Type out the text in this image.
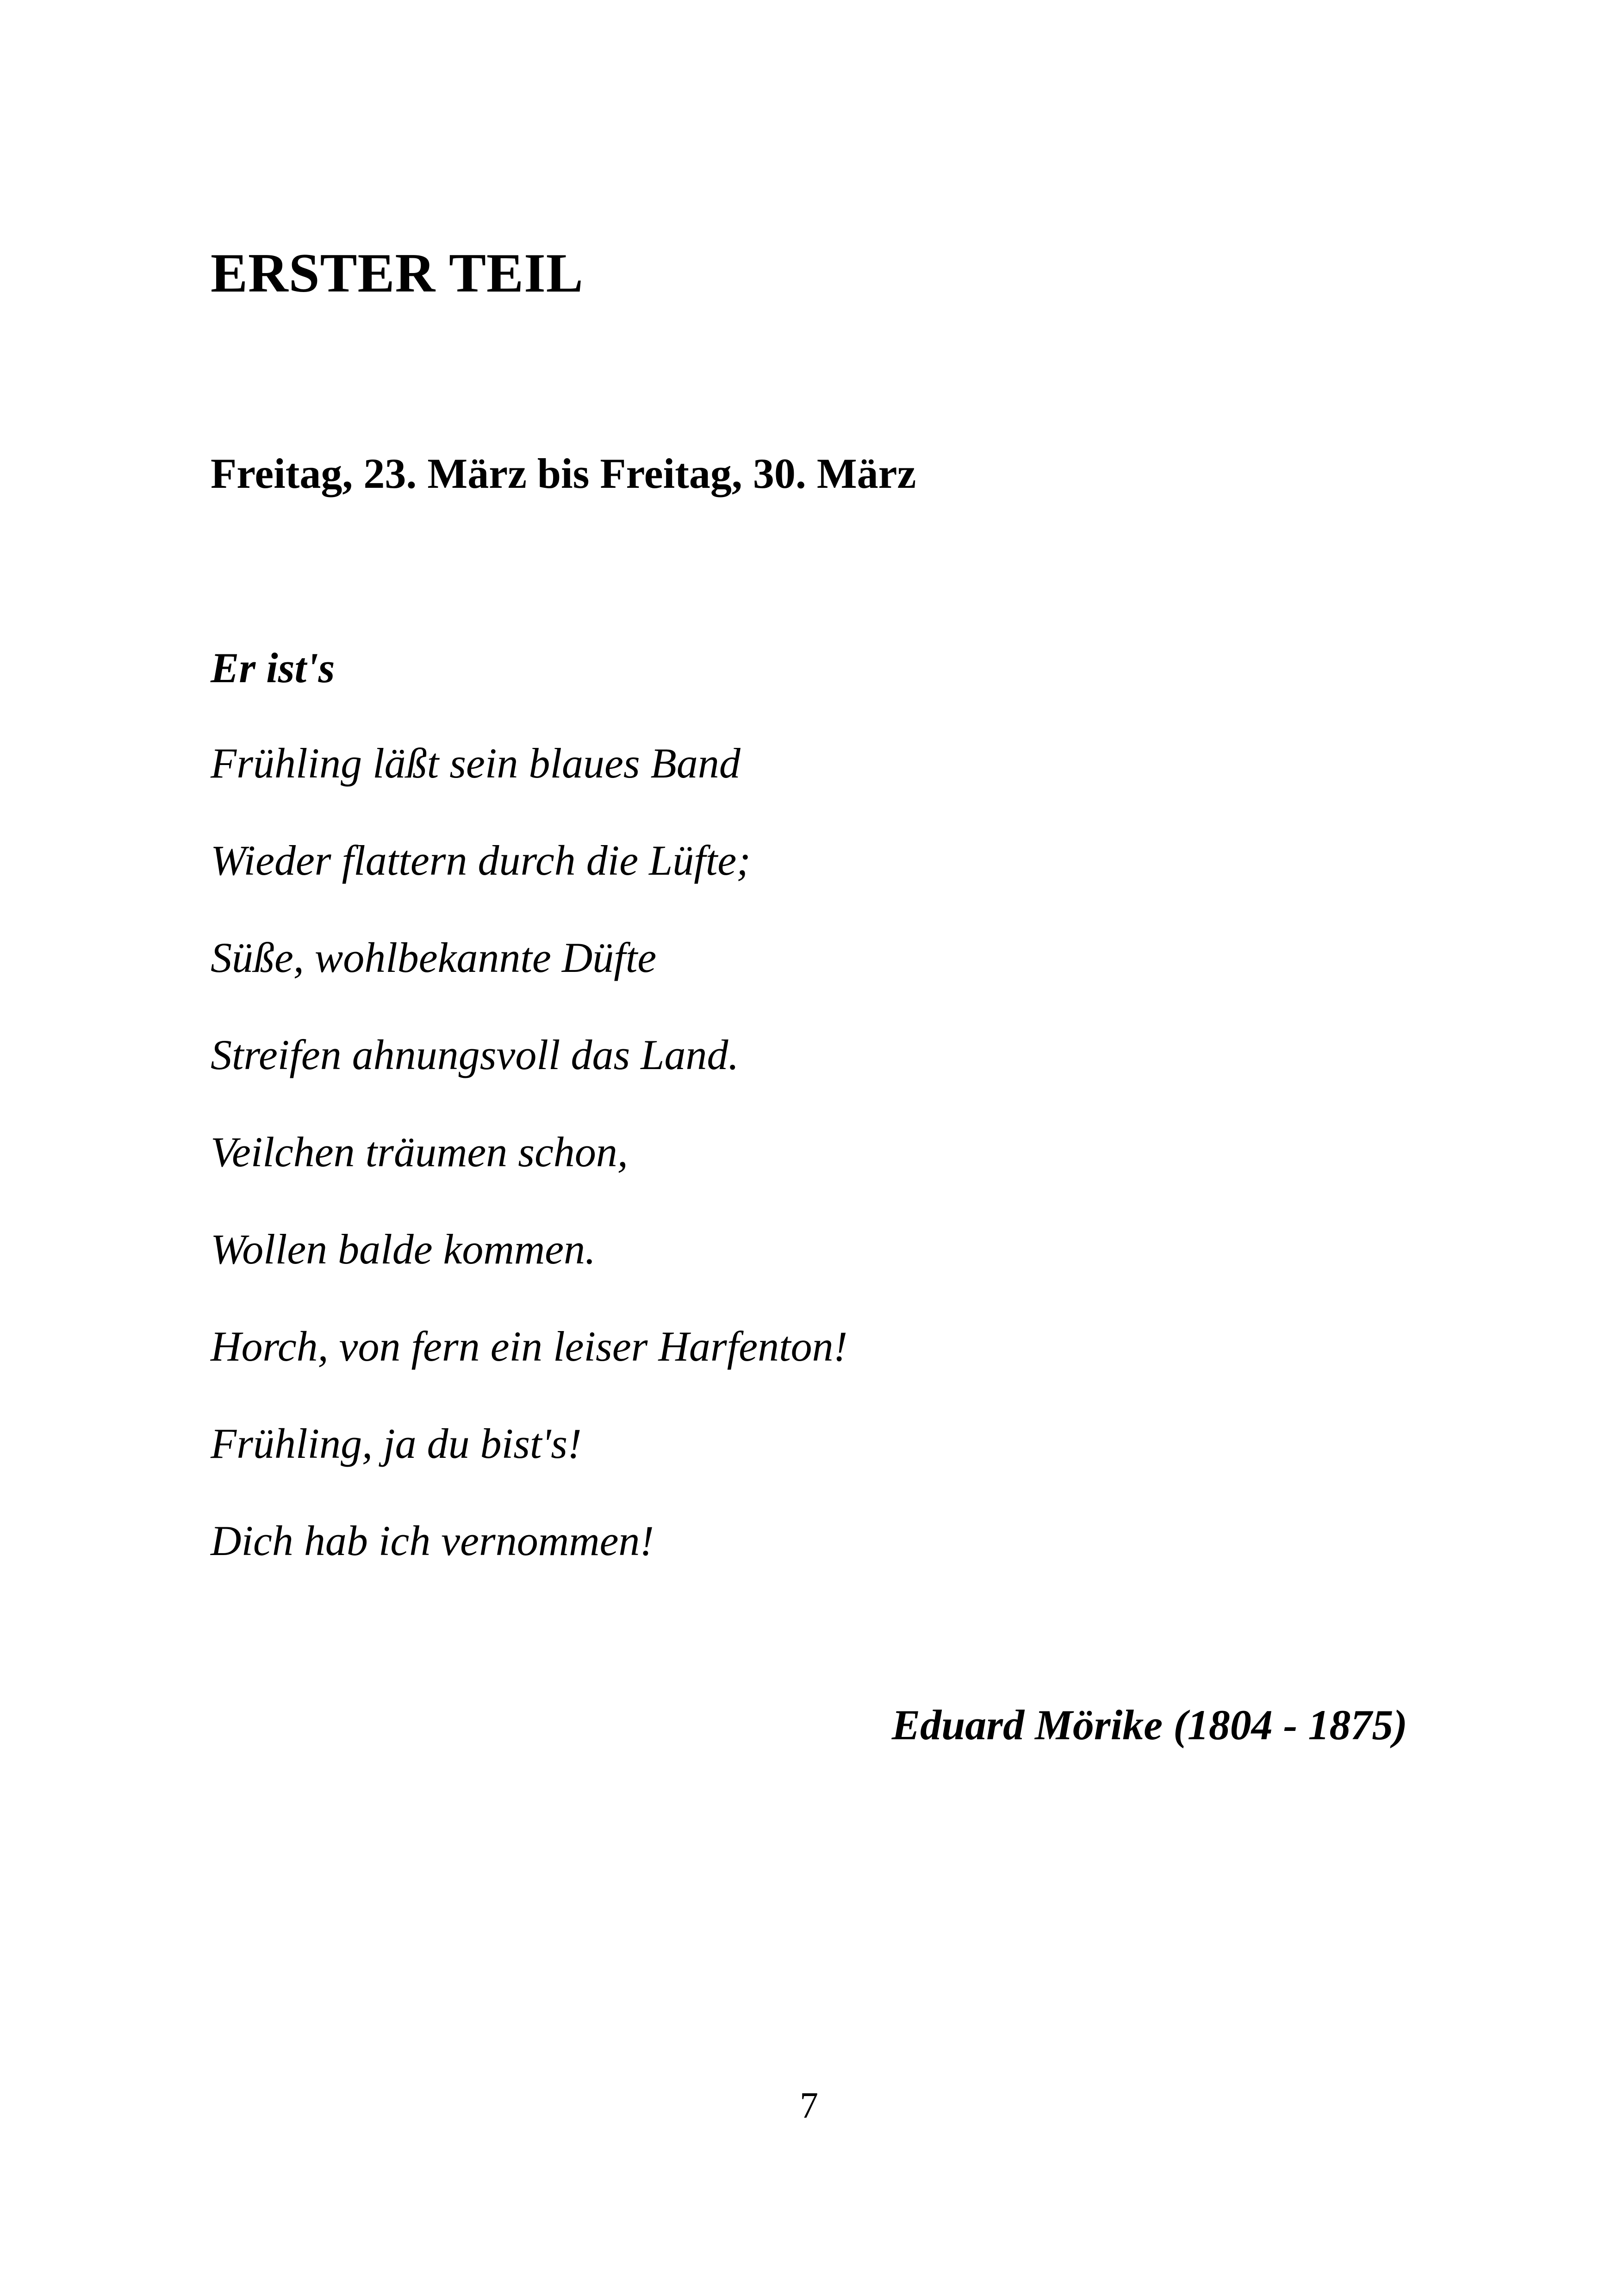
ERSTER TEIL
Freitag, 23. März bis Freitag, 30. März
Er ist's
Frühling läßt sein blaues Band
Wieder flattern durch die Lüfte;
Süße, wohlbekannte Düfte
Streifen ahnungsvoll das Land.
Veilchen träumen schon,
Wollen balde kommen.
Horch, von fern ein leiser Harfenton!
Frühling, ja du bist's!
Dich hab ich vernommen!

Eduard Mörike (1804 - 1875)

7
